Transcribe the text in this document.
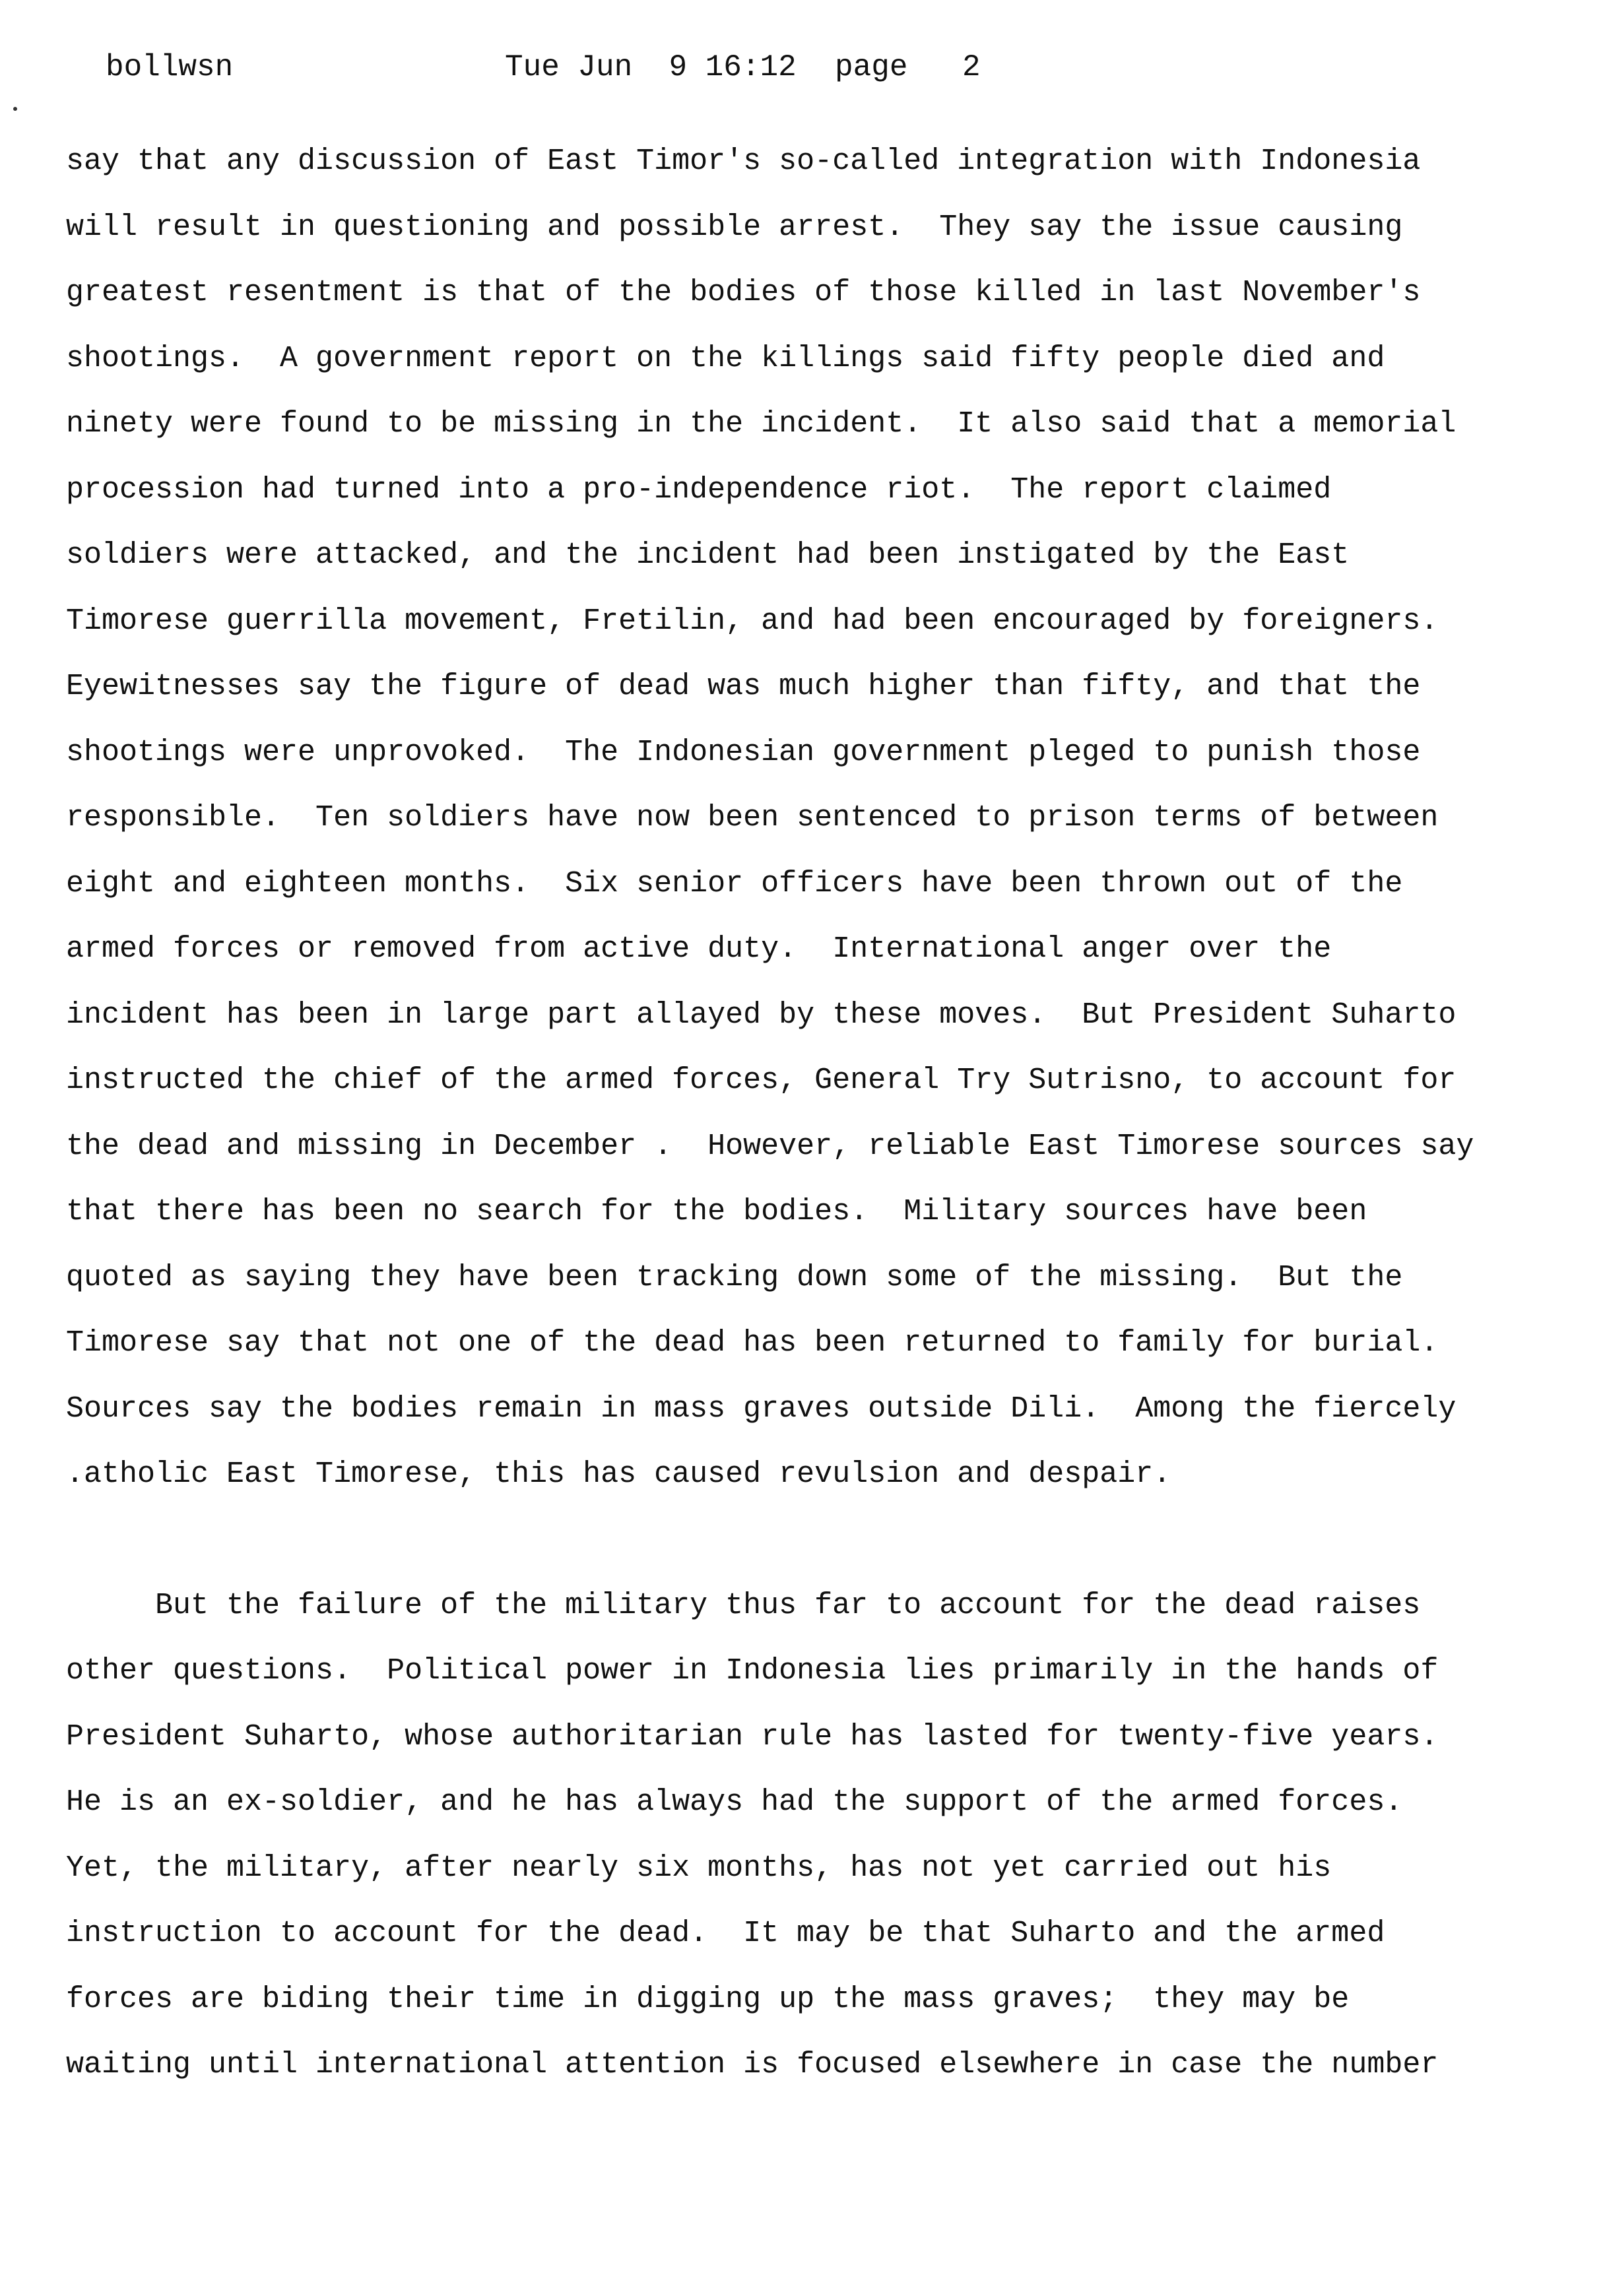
bollwsn

	Tue Jun  9 16:12

page

2

say that any discussion of East Timor's so-called integration with Indonesia
will result in questioning and possible arrest.  They say the issue causing
greatest resentment is that of the bodies of those killed in last November's
shootings.  A government report on the killings said fifty people died and
ninety were found to be missing in the incident.  It also said that a memorial
procession had turned into a pro-independence riot.  The report claimed
soldiers were attacked, and the incident had been instigated by the East
Timorese guerrilla movement, Fretilin, and had been encouraged by foreigners.
Eyewitnesses say the figure of dead was much higher than fifty, and that the
shootings were unprovoked.  The Indonesian government pleged to punish those
responsible.  Ten soldiers have now been sentenced to prison terms of between
eight and eighteen months.  Six senior officers have been thrown out of the
armed forces or removed from active duty.  International anger over the
incident has been in large part allayed by these moves.  But President Suharto
instructed the chief of the armed forces, General Try Sutrisno, to account for
the dead and missing in December .  However, reliable East Timorese sources say
that there has been no search for the bodies.  Military sources have been
quoted as saying they have been tracking down some of the missing.  But the
Timorese say that not one of the dead has been returned to family for burial.
Sources say the bodies remain in mass graves outside Dili.  Among the fiercely
.atholic East Timorese, this has caused revulsion and despair.
But the failure of the military thus far to account for the dead raises
other questions.  Political power in Indonesia lies primarily in the hands of
President Suharto, whose authoritarian rule has lasted for twenty-five years.
He is an ex-soldier, and he has always had the support of the armed forces.
Yet, the military, after nearly six months, has not yet carried out his
instruction to account for the dead.  It may be that Suharto and the armed
forces are biding their time in digging up the mass graves;  they may be
waiting until international attention is focused elsewhere in case the number
